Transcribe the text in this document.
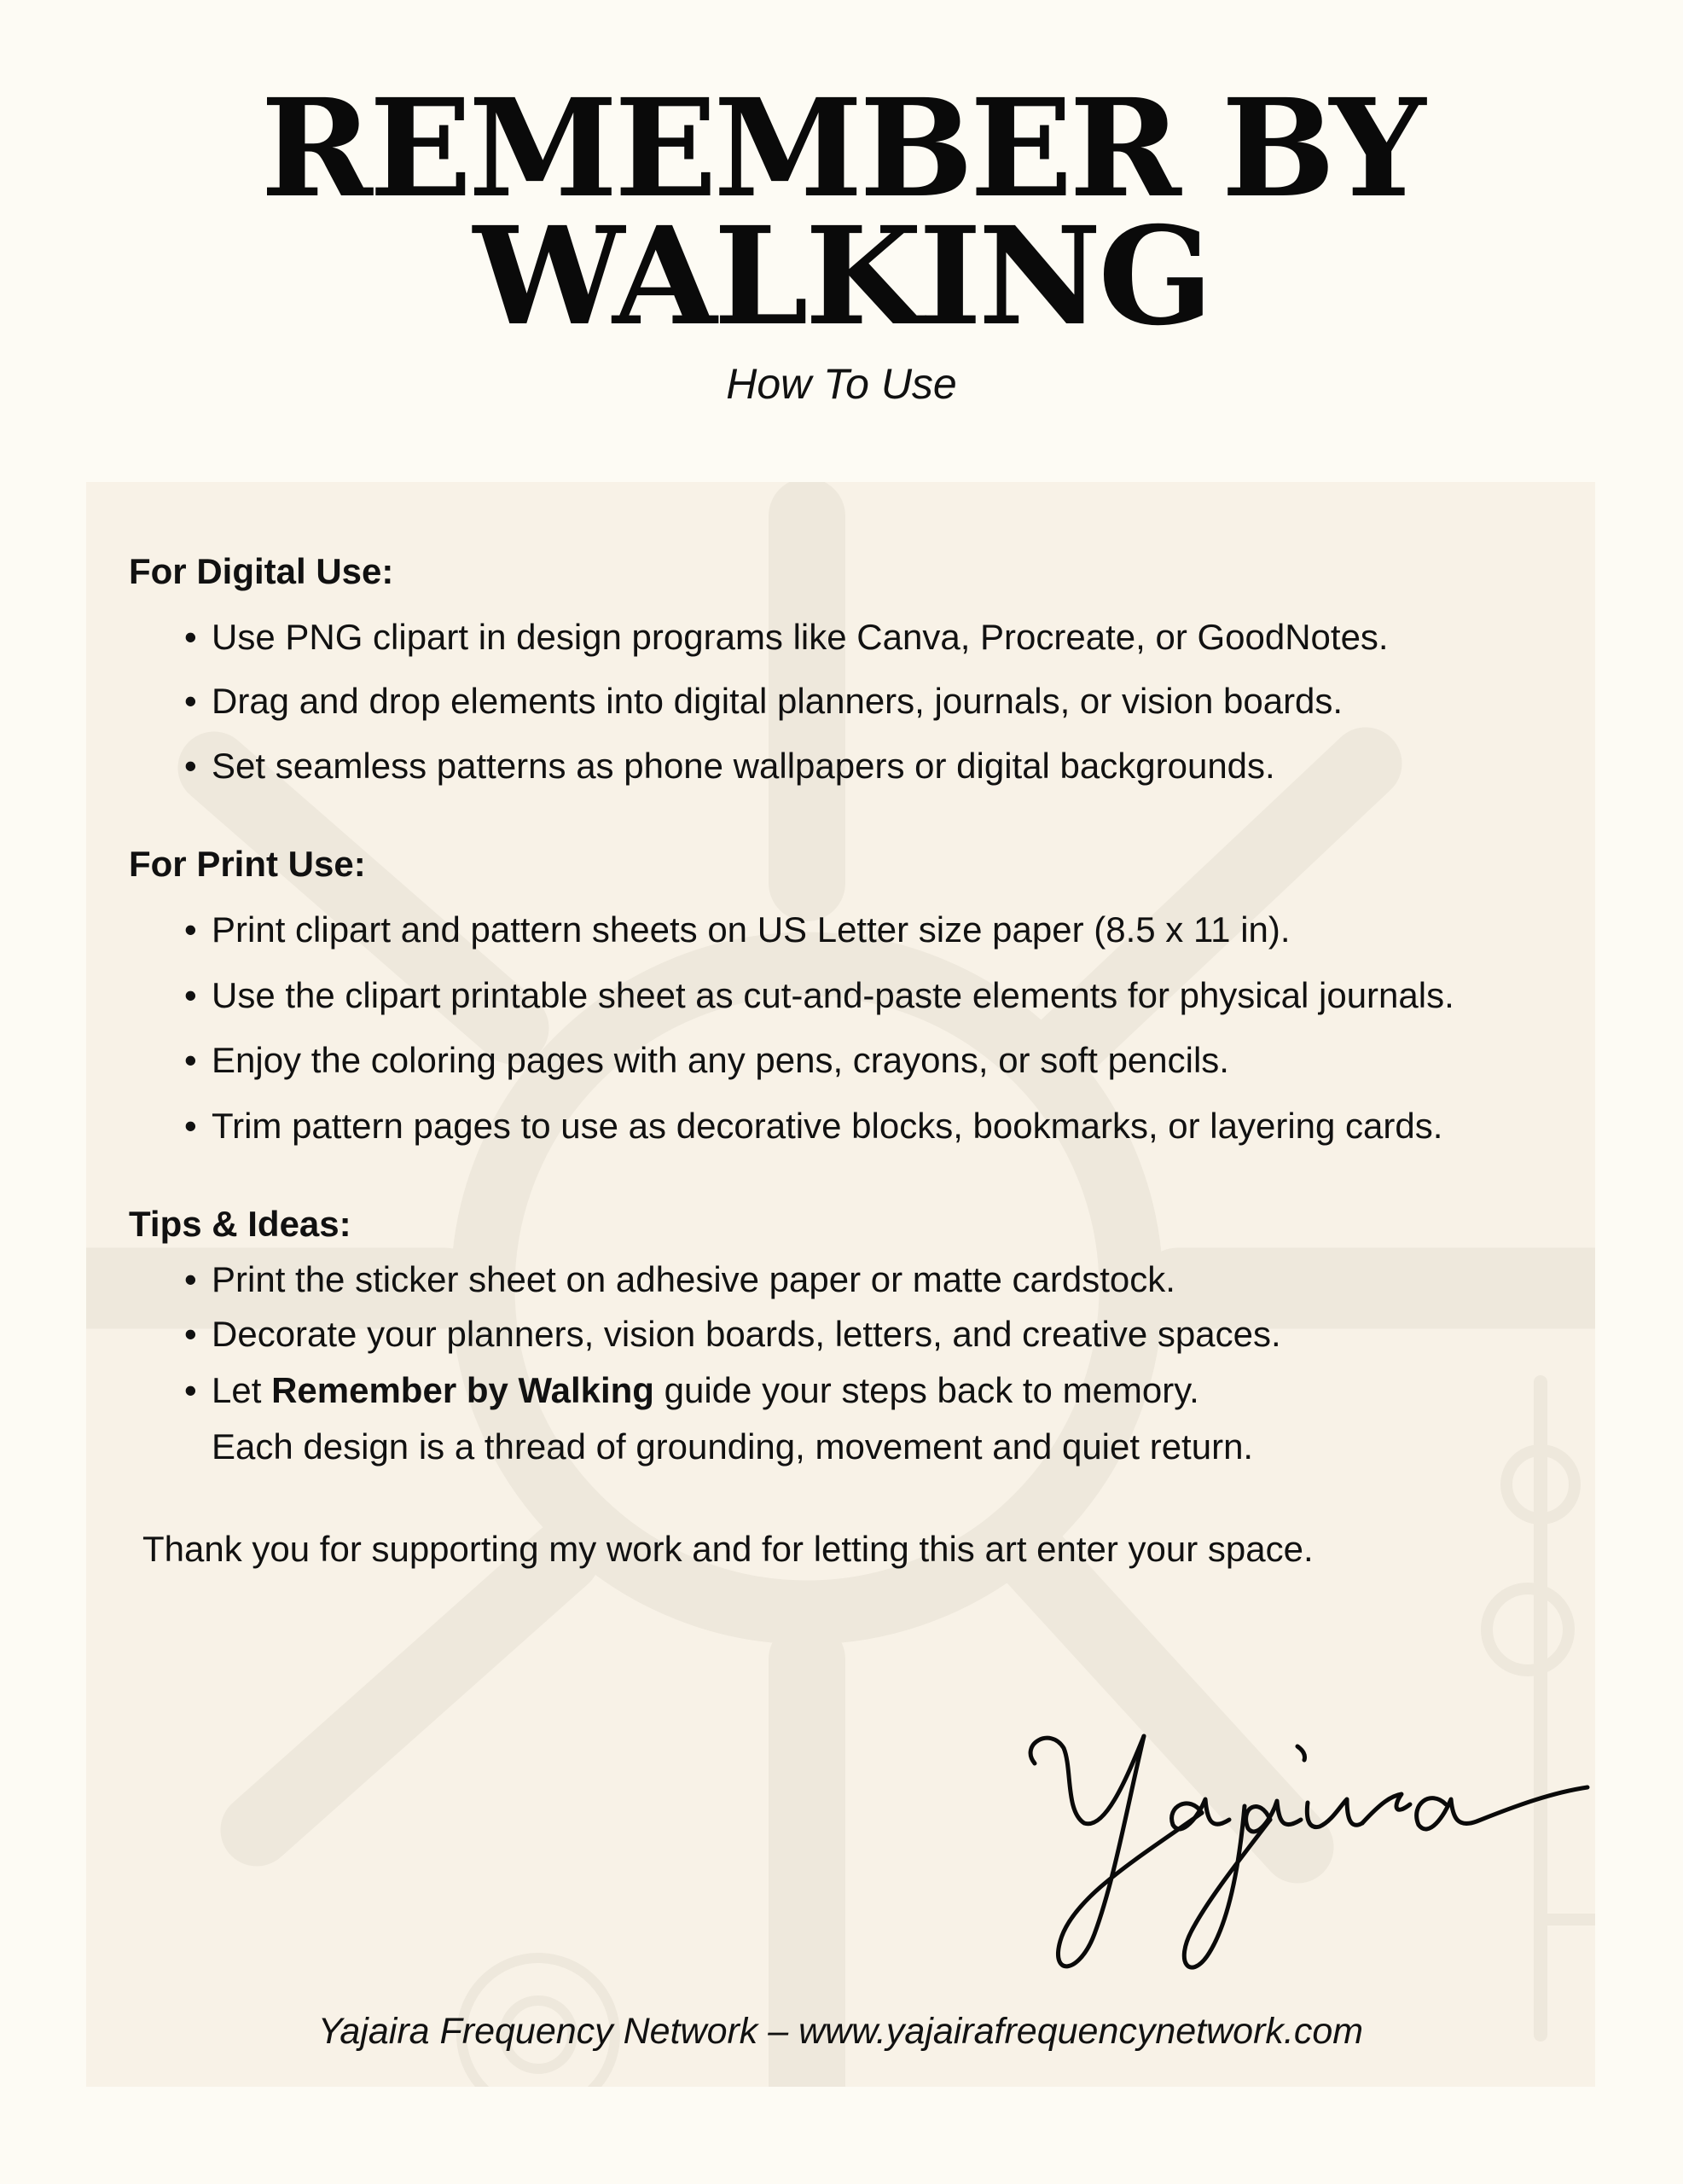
REMEMBER BY
WALKING
How To Use
For Digital Use:
• Use PNG clipart in design programs like Canva, Procreate, or GoodNotes.
• Drag and drop elements into digital planners, journals, or vision boards.
• Set seamless patterns as phone wallpapers or digital backgrounds.
For Print Use:
• Print clipart and pattern sheets on US Letter size paper (8.5 x 11 in).
• Use the clipart printable sheet as cut-and-paste elements for physical journals.
• Enjoy the coloring pages with any pens, crayons, or soft pencils.
• Trim pattern pages to use as decorative blocks, bookmarks, or layering cards.
Tips & Ideas:
• Print the sticker sheet on adhesive paper or matte cardstock.
• Decorate your planners, vision boards, letters, and creative spaces.
• Let Remember by Walking guide your steps back to memory.
Each design is a thread of grounding, movement and quiet return.
Thank you for supporting my work and for letting this art enter your space.
Yajaira Frequency Network – www.yajairafrequencynetwork.com
